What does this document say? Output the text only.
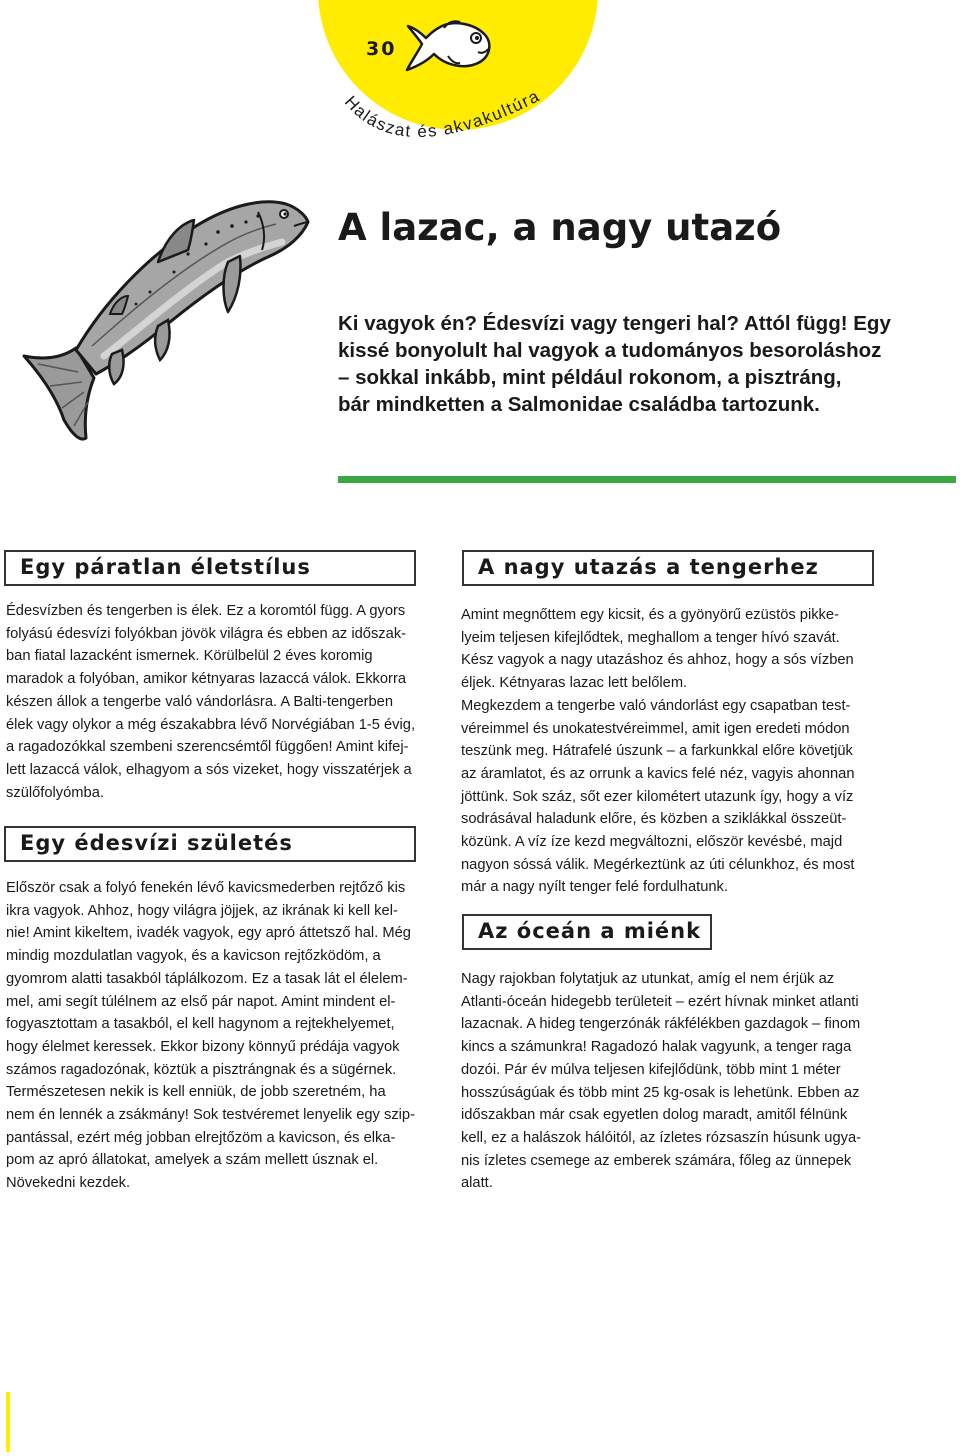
30
Halászat és akvakultúra
A lazac, a nagy utazó

Ki vagyok én? Édesvízi vagy tengeri hal? Attól függ! Egy

kissé bonyolult hal vagyok a tudományos besoroláshoz

– sokkal inkább, mint például rokonom, a pisztráng,

bár mindketten a Salmonidae családba tartozunk.

Egy páratlan életstílus

Édesvízben és tengerben is élek. Ez a koromtól függ. A gyors

folyású édesvízi folyókban jövök világra és ebben az időszak-

ban fiatal lazacként ismernek. Körülbelül 2 éves koromig

maradok a folyóban, amikor kétnyaras lazaccá válok. Ekkorra

készen állok a tengerbe való vándorlásra. A Balti-tengerben

élek vagy olykor a még északabbra lévő Norvégiában 1-5 évig,

a ragadozókkal szembeni szerencsémtől függően! Amint kifej-

lett lazaccá válok, elhagyom a sós vizeket, hogy visszatérjek a

szülőfolyómba.

Egy édesvízi születés

Először csak a folyó fenekén lévő kavicsmederben rejtőző kis

ikra vagyok. Ahhoz, hogy világra jöjjek, az ikrának ki kell kel-

nie! Amint kikeltem, ivadék vagyok, egy apró áttetsző hal. Még

mindig mozdulatlan vagyok, és a kavicson rejtőzködöm, a

gyomrom alatti tasakból táplálkozom. Ez a tasak lát el élelem-

mel, ami segít túlélnem az első pár napot. Amint mindent el-

fogyasztottam a tasakból, el kell hagynom a rejtekhelyemet,

hogy élelmet keressek. Ekkor bizony könnyű prédája vagyok

számos ragadozónak, köztük a pisztrángnak és a sügérnek.

Természetesen nekik is kell enniük, de jobb szeretném, ha

nem én lennék a zsákmány! Sok testvéremet lenyelik egy szip-

pantással, ezért még jobban elrejtőzöm a kavicson, és elka-

pom az apró állatokat, amelyek a szám mellett úsznak el.

Növekedni kezdek.

A nagy utazás a tengerhez

Amint megnőttem egy kicsit, és a gyönyörű ezüstös pikke-

lyeim teljesen kifejlődtek, meghallom a tenger hívó szavát.

Kész vagyok a nagy utazáshoz és ahhoz, hogy a sós vízben

éljek. Kétnyaras lazac lett belőlem.

Megkezdem a tengerbe való vándorlást egy csapatban test-

véreimmel és unokatestvéreimmel, amit igen eredeti módon

teszünk meg. Hátrafelé úszunk – a farkunkkal előre követjük

az áramlatot, és az orrunk a kavics felé néz, vagyis ahonnan

jöttünk. Sok száz, sőt ezer kilométert utazunk így, hogy a víz

sodrásával haladunk előre, és közben a sziklákkal összeüt-

közünk. A víz íze kezd megváltozni, először kevésbé, majd

nagyon sóssá válik. Megérkeztünk az úti célunkhoz, és most

már a nagy nyílt tenger felé fordulhatunk.

Az óceán a miénk

Nagy rajokban folytatjuk az utunkat, amíg el nem érjük az

Atlanti-óceán hidegebb területeit – ezért hívnak minket atlanti

lazacnak. A hideg tengerzónák rákfélékben gazdagok – finom

kincs a számunkra! Ragadozó halak vagyunk, a tenger raga

dozói. Pár év múlva teljesen kifejlődünk, több mint 1 méter

hosszúságúak és több mint 25 kg-osak is lehetünk. Ebben az

időszakban már csak egyetlen dolog maradt, amitől félnünk

kell, ez a halászok hálóitól, az ízletes rózsaszín húsunk ugya-

nis ízletes csemege az emberek számára, főleg az ünnepek

alatt.
